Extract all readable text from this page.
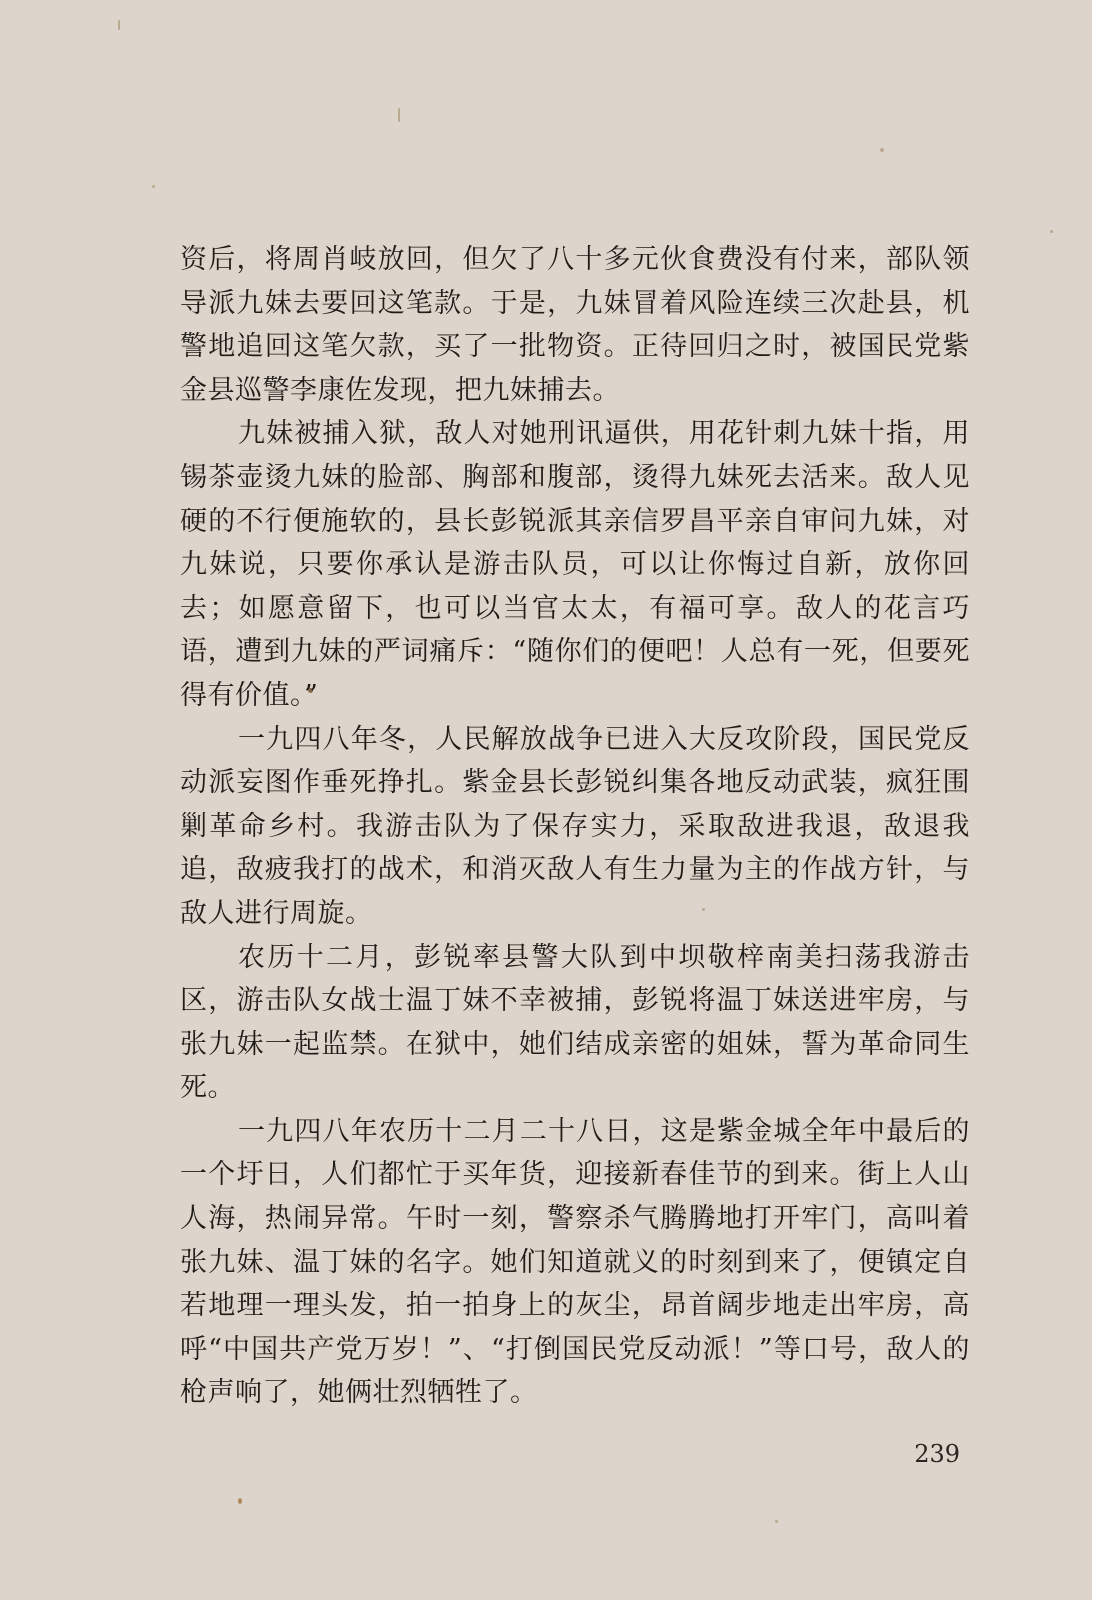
资后，将周肖岐放回，但欠了八十多元伙食费没有付来，部队领导派九妹去要回这笔款。于是，九妹冒着风险连续三次赴县，机警地追回这笔欠款，买了一批物资。正待回归之时，被国民党紫金县巡警李康佐发现，把九妹捕去。

九妹被捕入狱，敌人对她刑讯逼供，用花针刺九妹十指，用锡茶壶烫九妹的脸部、胸部和腹部，烫得九妹死去活来。敌人见硬的不行便施软的，县长彭锐派其亲信罗昌平亲自审问九妹，对九妹说，只要你承认是游击队员，可以让你悔过自新，放你回去；如愿意留下，也可以当官太太，有福可享。敌人的花言巧语，遭到九妹的严词痛斥：“随你们的便吧！人总有一死，但要死得有价值。”

一九四八年冬，人民解放战争已进入大反攻阶段，国民党反动派妄图作垂死挣扎。紫金县长彭锐纠集各地反动武装，疯狂围剿革命乡村。我游击队为了保存实力，采取敌进我退，敌退我追，敌疲我打的战术，和消灭敌人有生力量为主的作战方针，与敌人进行周旋。

农历十二月，彭锐率县警大队到中坝敬梓南美扫荡我游击区，游击队女战士温丁妹不幸被捕，彭锐将温丁妹送进牢房，与张九妹一起监禁。在狱中，她们结成亲密的姐妹，誓为革命同生死。

一九四八年农历十二月二十八日，这是紫金城全年中最后的一个圩日，人们都忙于买年货，迎接新春佳节的到来。街上人山人海，热闹异常。午时一刻，警察杀气腾腾地打开牢门，高叫着张九妹、温丁妹的名字。她们知道就义的时刻到来了，便镇定自若地理一理头发，拍一拍身上的灰尘，昂首阔步地走出牢房，高呼“中国共产党万岁！”、“打倒国民党反动派！”等口号，敌人的枪声响了，她俩壮烈牺牲了。

239
